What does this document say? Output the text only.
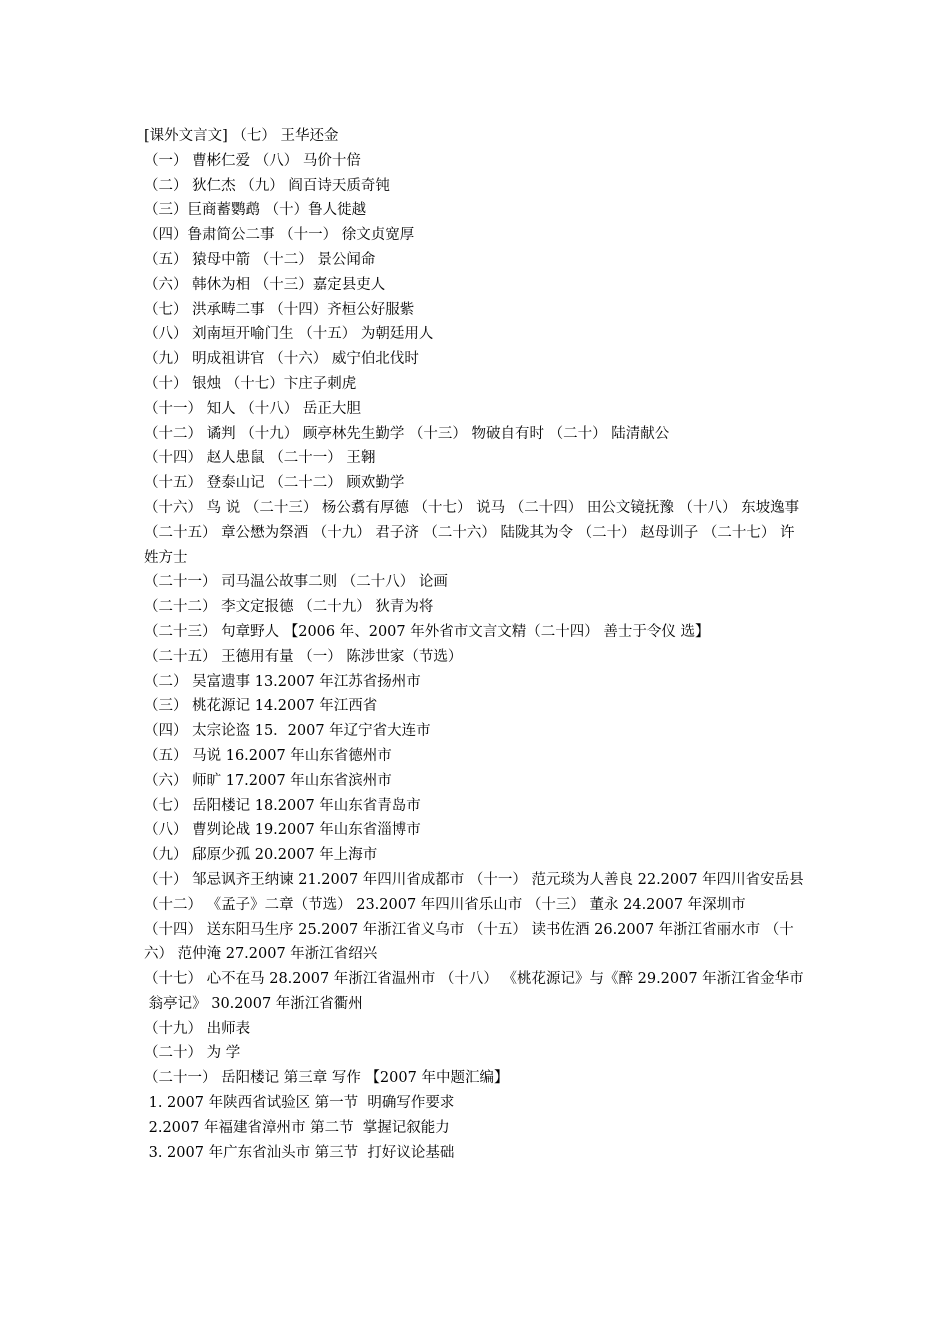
[课外文言文] （七） 王华还金

（一） 曹彬仁爱 （八） 马价十倍

（二） 狄仁杰 （九） 阎百诗天质奇钝

（三）巨商蓄鹦鹉 （十）鲁人徙越

（四）鲁肃简公二事 （十一） 徐文贞宽厚

（五） 猿母中箭 （十二） 景公闻命

（六） 韩休为相 （十三）嘉定县吏人

（七） 洪承畴二事 （十四）齐桓公好服紫

（八） 刘南垣开喻门生 （十五） 为朝廷用人

（九） 明成祖讲官 （十六） 威宁伯北伐时

（十） 银烛 （十七）卞庄子刺虎

（十一） 知人 （十八） 岳正大胆

（十二） 谲判 （十九） 顾亭林先生勤学 （十三） 物破自有时 （二十） 陆清献公

（十四） 赵人患鼠 （二十一） 王翱

（十五） 登泰山记 （二十二） 顾欢勤学

（十六） 鸟 说 （二十三） 杨公翥有厚德 （十七） 说马 （二十四） 田公文镜抚豫 （十八） 东坡逸事 （二十五） 章公懋为祭酒 （十九） 君子济 （二十六） 陆陇其为令 （二十） 赵母训子 （二十七） 许姓方士

（二十一） 司马温公故事二则 （二十八） 论画

（二十二） 李文定报德 （二十九） 狄青为将

（二十三） 句章野人 【2006 年、2007 年外省市文言文精（二十四） 善士于令仪 选】

（二十五） 王德用有量 （一） 陈涉世家（节选）

（二） 吴富遗事 13.2007 年江苏省扬州市

（三） 桃花源记 14.2007 年江西省

（四） 太宗论盗 15．2007 年辽宁省大连市

（五） 马说 16.2007 年山东省德州市

（六） 师旷 17.2007 年山东省滨州市

（七） 岳阳楼记 18.2007 年山东省青岛市

（八） 曹刿论战 19.2007 年山东省淄博市

（九） 郈原少孤 20.2007 年上海市

（十） 邹忌讽齐王纳谏 21.2007 年四川省成都市 （十一） 范元琰为人善良 22.2007 年四川省安岳县 （十二） 《孟子》二章（节选） 23.2007 年四川省乐山市 （十三） 董永 24.2007 年深圳市

（十四） 送东阳马生序 25.2007 年浙江省义乌市 （十五） 读书佐酒 26.2007 年浙江省丽水市 （十六） 范仲淹 27.2007 年浙江省绍兴

（十七） 心不在马 28.2007 年浙江省温州市 （十八） 《桃花源记》与《醉 29.2007 年浙江省金华市

翁亭记》 30.2007 年浙江省衢州

（十九） 出师表

（二十） 为 学

（二十一） 岳阳楼记 第三章 写作 【2007 年中题汇编】

1. 2007 年陕西省试验区 第一节  明确写作要求

2.2007 年福建省漳州市 第二节  掌握记叙能力

3. 2007 年广东省汕头市 第三节  打好议论基础
